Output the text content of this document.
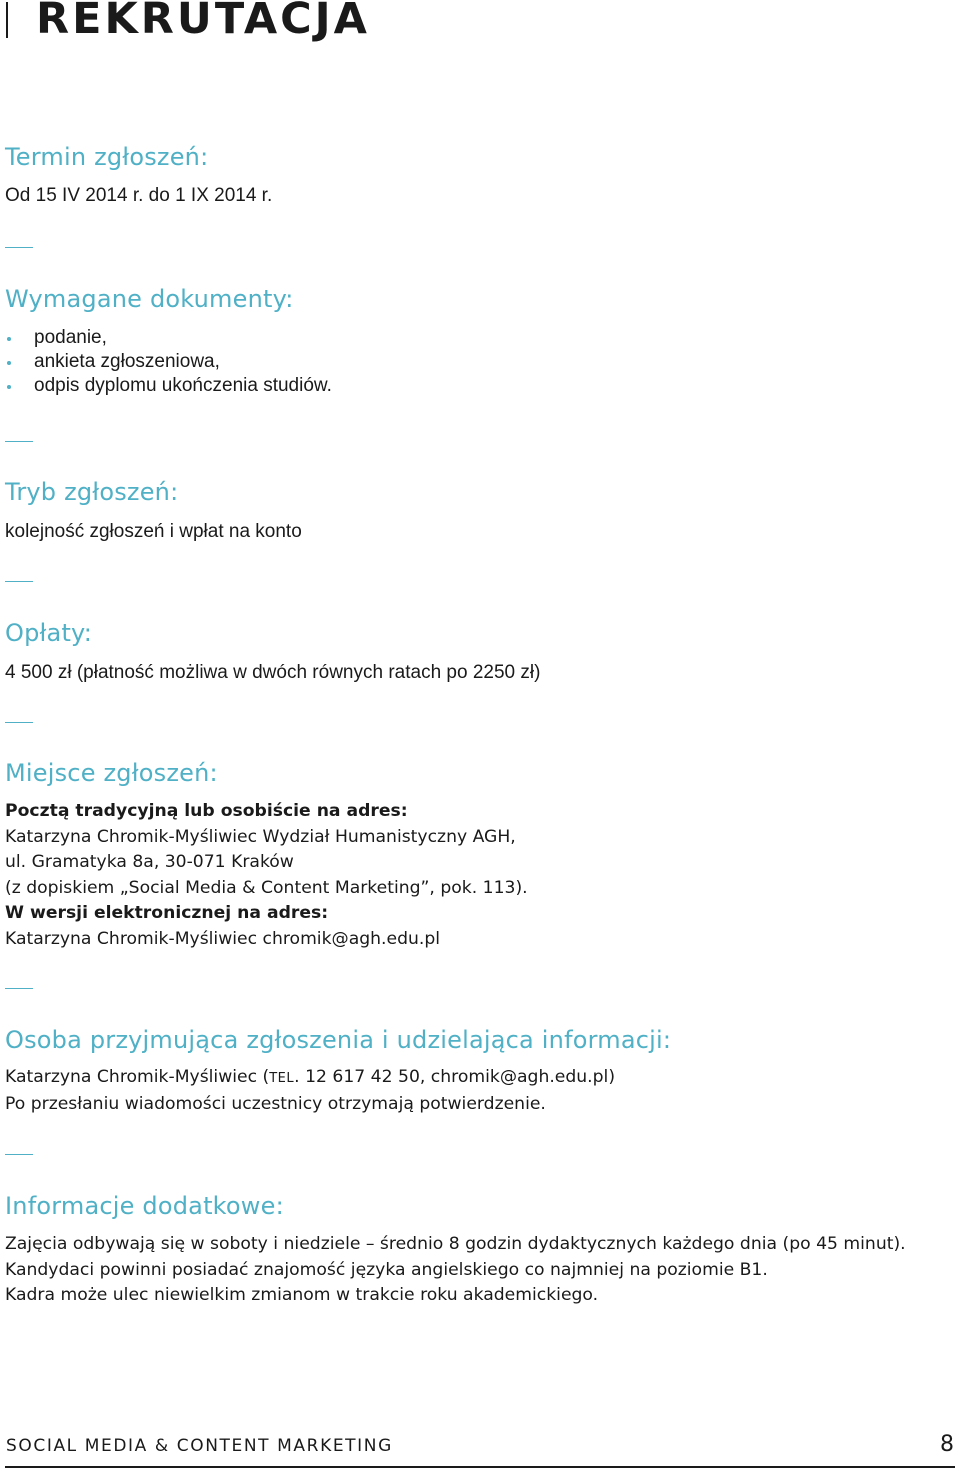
REKRUTACJA
Termin zgłoszeń:

Od 15 IV 2014 r. do 1 IX 2014 r.

Wymagane dokumenty:
podanie,
ankieta zgłoszeniowa,
odpis dyplomu ukończenia studiów.
Tryb zgłoszeń:

kolejność zgłoszeń i wpłat na konto

Opłaty:

4 500 zł (płatność możliwa w dwóch równych ratach po 2250 zł)

Miejsce zgłoszeń:

Pocztą tradycyjną lub osobiście na adres:

Katarzyna Chromik-Myśliwiec Wydział Humanistyczny AGH,

ul. Gramatyka 8a, 30-071 Kraków

(z dopiskiem „Social Media & Content Marketing”, pok. 113).

W wersji elektronicznej na adres:

Katarzyna Chromik-Myśliwiec chromik@agh.edu.pl

Osoba przyjmująca zgłoszenia i udzielająca informacji:

Katarzyna Chromik-Myśliwiec (TEL. 12 617 42 50, chromik@agh.edu.pl)

Po przesłaniu wiadomości uczestnicy otrzymają potwierdzenie.

Informacje dodatkowe:

Zajęcia odbywają się w soboty i niedziele – średnio 8 godzin dydaktycznych każdego dnia (po 45 minut).

Kandydaci powinni posiadać znajomość języka angielskiego co najmniej na poziomie B1.

Kadra może ulec niewielkim zmianom w trakcie roku akademickiego.

SOCIAL MEDIA & CONTENT MARKETING	8
